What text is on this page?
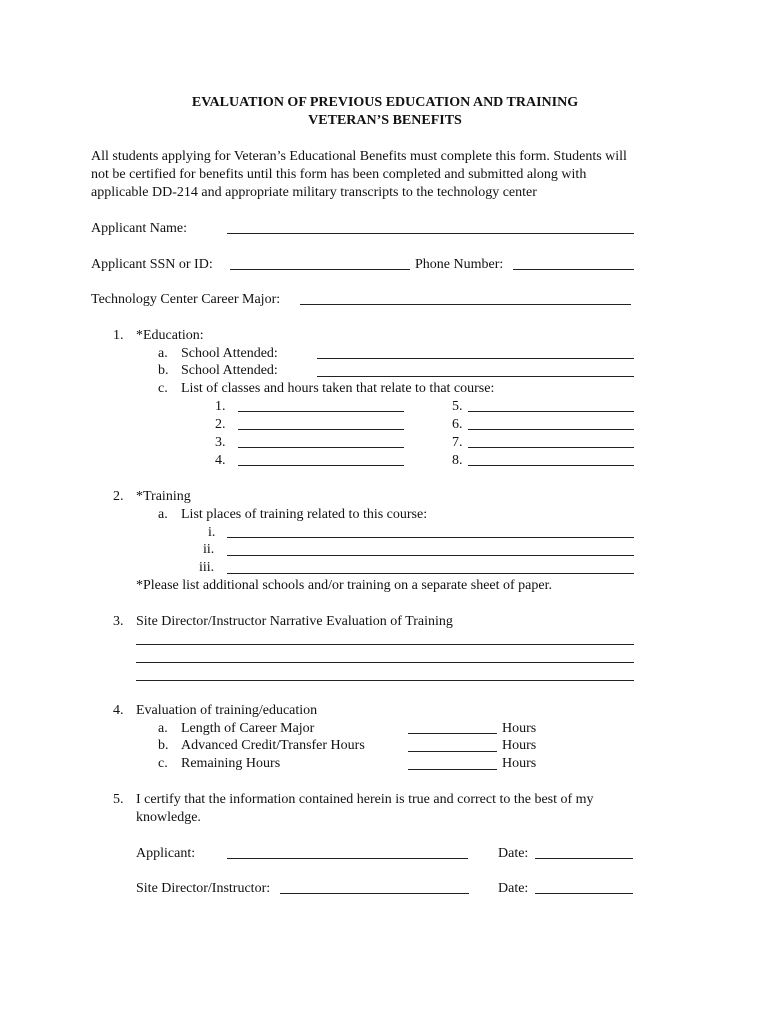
EVALUATION OF PREVIOUS EDUCATION AND TRAINING
VETERAN’S BENEFITS
All students applying for Veteran’s Educational Benefits must complete this form. Students will
not be certified for benefits until this form has been completed and submitted along with
applicable DD-214 and appropriate military transcripts to the technology center
Applicant Name:
Applicant SSN or ID:	Phone Number:
Technology Center Career Major:
1. *Education:
a. School Attended:
b. School Attended:
c. List of classes and hours taken that relate to that course:
1.
2.
3.
4.
5.
6.
7.
8.
2. *Training
a. List places of training related to this course:
i.
ii.
iii.
*Please list additional schools and/or training on a separate sheet of paper.
3. Site Director/Instructor Narrative Evaluation of Training
4. Evaluation of training/education
a. Length of Career Major	Hours
b. Advanced Credit/Transfer Hours	Hours
c. Remaining Hours	Hours
5. I certify that the information contained herein is true and correct to the best of my
knowledge.
Applicant:	Date:
Site Director/Instructor:	Date:
